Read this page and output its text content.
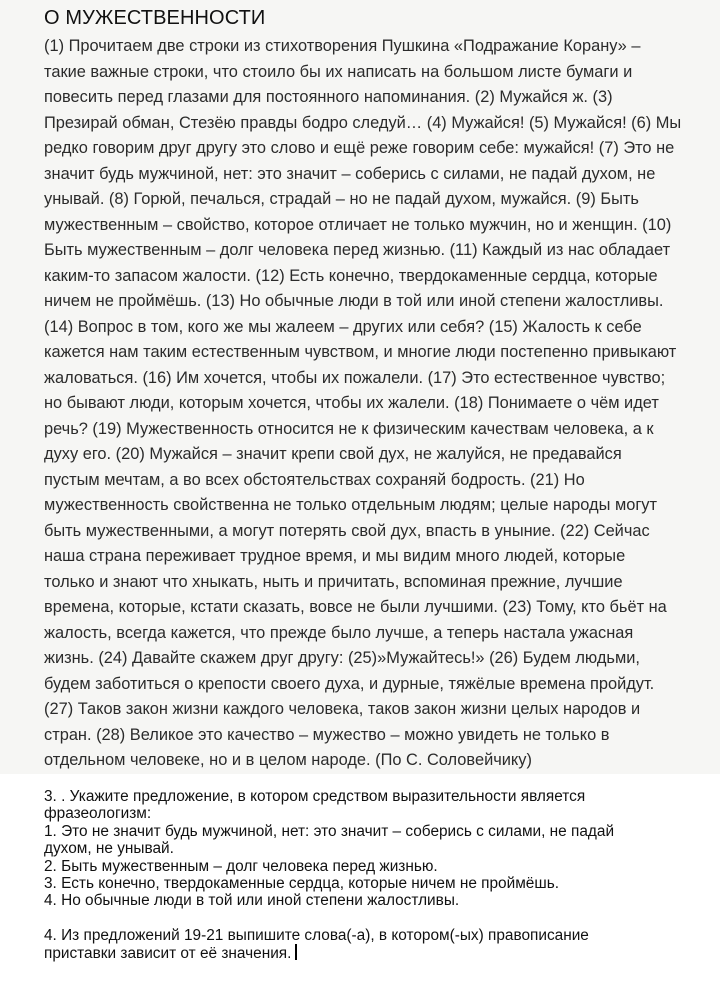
О МУЖЕСТВЕННОСТИ
(1) Прочитаем две строки из стихотворения Пушкина «Подражание Корану» –
такие важные строки, что стоило бы их написать на большом листе бумаги и
повесить перед глазами для постоянного напоминания. (2) Мужайся ж. (3)
Презирай обман, Стезёю правды бодро следуй… (4) Мужайся! (5) Мужайся! (6) Мы
редко говорим друг другу это слово и ещё реже говорим себе: мужайся! (7) Это не
значит будь мужчиной, нет: это значит – соберись с силами, не падай духом, не
унывай. (8) Горюй, печалься, страдай – но не падай духом, мужайся. (9) Быть
мужественным – свойство, которое отличает не только мужчин, но и женщин. (10)
Быть мужественным – долг человека перед жизнью. (11) Каждый из нас обладает
каким-то запасом жалости. (12) Есть конечно, твердокаменные сердца, которые
ничем не проймёшь. (13) Но обычные люди в той или иной степени жалостливы.
(14) Вопрос в том, кого же мы жалеем – других или себя? (15) Жалость к себе
кажется нам таким естественным чувством, и многие люди постепенно привыкают
жаловаться. (16) Им хочется, чтобы их пожалели. (17) Это естественное чувство;
но бывают люди, которым хочется, чтобы их жалели. (18) Понимаете о чём идет
речь? (19) Мужественность относится не к физическим качествам человека, а к
духу его. (20) Мужайся – значит крепи свой дух, не жалуйся, не предавайся
пустым мечтам, а во всех обстоятельствах сохраняй бодрость. (21) Но
мужественность свойственна не только отдельным людям; целые народы могут
быть мужественными, а могут потерять свой дух, впасть в уныние. (22) Сейчас
наша страна переживает трудное время, и мы видим много людей, которые
только и знают что хныкать, ныть и причитать, вспоминая прежние, лучшие
времена, которые, кстати сказать, вовсе не были лучшими. (23) Тому, кто бьёт на
жалость, всегда кажется, что прежде было лучше, а теперь настала ужасная
жизнь. (24) Давайте скажем друг другу: (25)»Мужайтесь!» (26) Будем людьми,
будем заботиться о крепости своего духа, и дурные, тяжёлые времена пройдут.
(27) Таков закон жизни каждого человека, таков закон жизни целых народов и
стран. (28) Великое это качество – мужество – можно увидеть не только в
отдельном человеке, но и в целом народе. (По С. Соловейчику)
3. . Укажите предложение, в котором средством выразительности является
фразеологизм:
1. Это не значит будь мужчиной, нет: это значит – соберись с силами, не падай
духом, не унывай.
2. Быть мужественным – долг человека перед жизнью.
3. Есть конечно, твердокаменные сердца, которые ничем не проймёшь.
4. Но обычные люди в той или иной степени жалостливы.
4. Из предложений 19-21 выпишите слова(-а), в котором(-ых) правописание
приставки зависит от её значения.
